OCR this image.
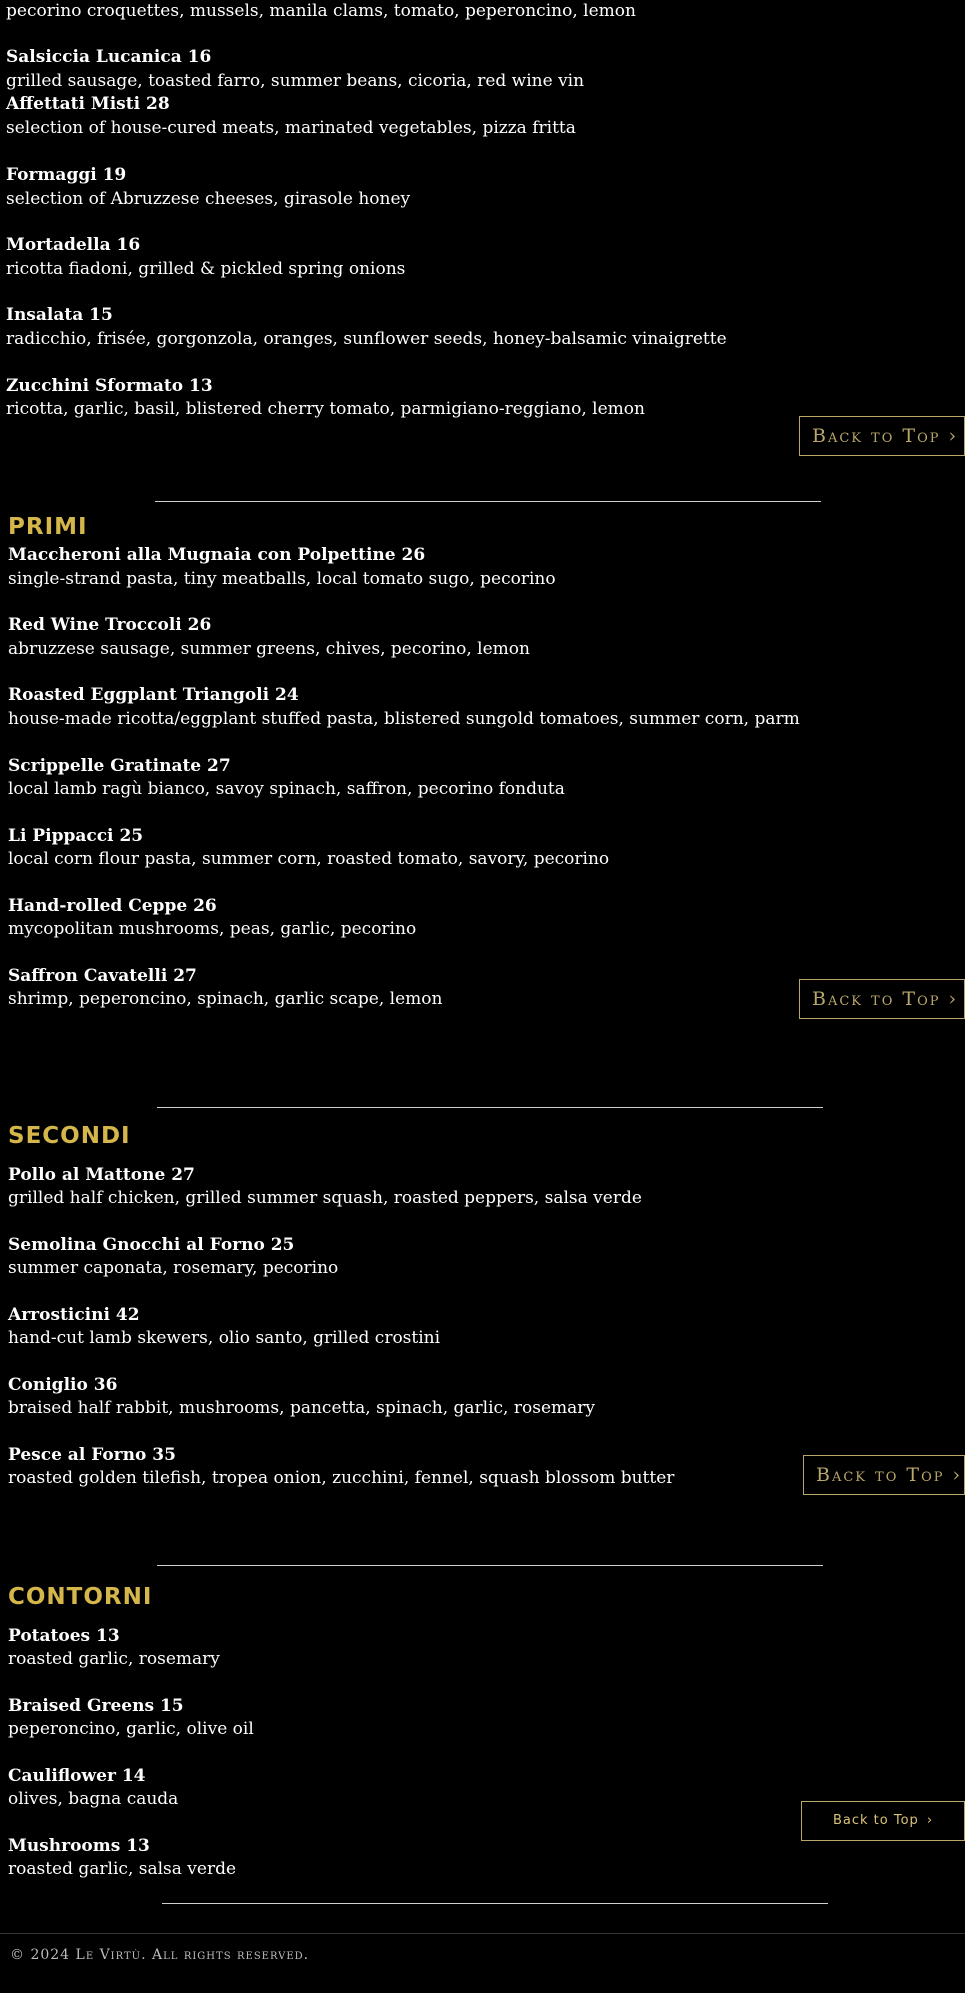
pecorino croquettes, mussels, manila clams, tomato, peperoncino, lemon
Salsiccia Lucanica 16
grilled sausage, toasted farro, summer beans, cicoria, red wine vin
Affettati Misti 28
selection of house-cured meats, marinated vegetables, pizza fritta
Formaggi 19
selection of Abruzzese cheeses, girasole honey
Mortadella 16
ricotta fiadoni, grilled & pickled spring onions
Insalata 15
radicchio, frisée, gorgonzola, oranges, sunflower seeds, honey-balsamic vinaigrette
Zucchini Sformato 13
ricotta, garlic, basil, blistered cherry tomato, parmigiano-reggiano, lemon
Back to Top ›
PRIMI
Maccheroni alla Mugnaia con Polpettine 26
single-strand pasta, tiny meatballs, local tomato sugo, pecorino
Red Wine Troccoli 26
abruzzese sausage, summer greens, chives, pecorino, lemon
Roasted Eggplant Triangoli 24
house-made ricotta/eggplant stuffed pasta, blistered sungold tomatoes, summer corn, parm
Scrippelle Gratinate 27
local lamb ragù bianco, savoy spinach, saffron, pecorino fonduta
Li Pippacci 25
local corn flour pasta, summer corn, roasted tomato, savory, pecorino
Hand-rolled Ceppe 26
mycopolitan mushrooms, peas, garlic, pecorino
Saffron Cavatelli 27
shrimp, peperoncino, spinach, garlic scape, lemon	Back to Top ›
SECONDI
Pollo al Mattone 27
grilled half chicken, grilled summer squash, roasted peppers, salsa verde
Semolina Gnocchi al Forno 25
summer caponata, rosemary, pecorino
Arrosticini 42
hand-cut lamb skewers, olio santo, grilled crostini
Coniglio 36
braised half rabbit, mushrooms, pancetta, spinach, garlic, rosemary
Pesce al Forno 35
roasted golden tilefish, tropea onion, zucchini, fennel, squash blossom butter	Back to Top ›
CONTORNI
Potatoes 13
roasted garlic, rosemary
Braised Greens 15
peperoncino, garlic, olive oil
Cauliflower 14
olives, bagna cauda
Mushrooms 13
roasted garlic, salsa verde
Back to Top ›
© 2024 Le Virtù. All rights reserved.
